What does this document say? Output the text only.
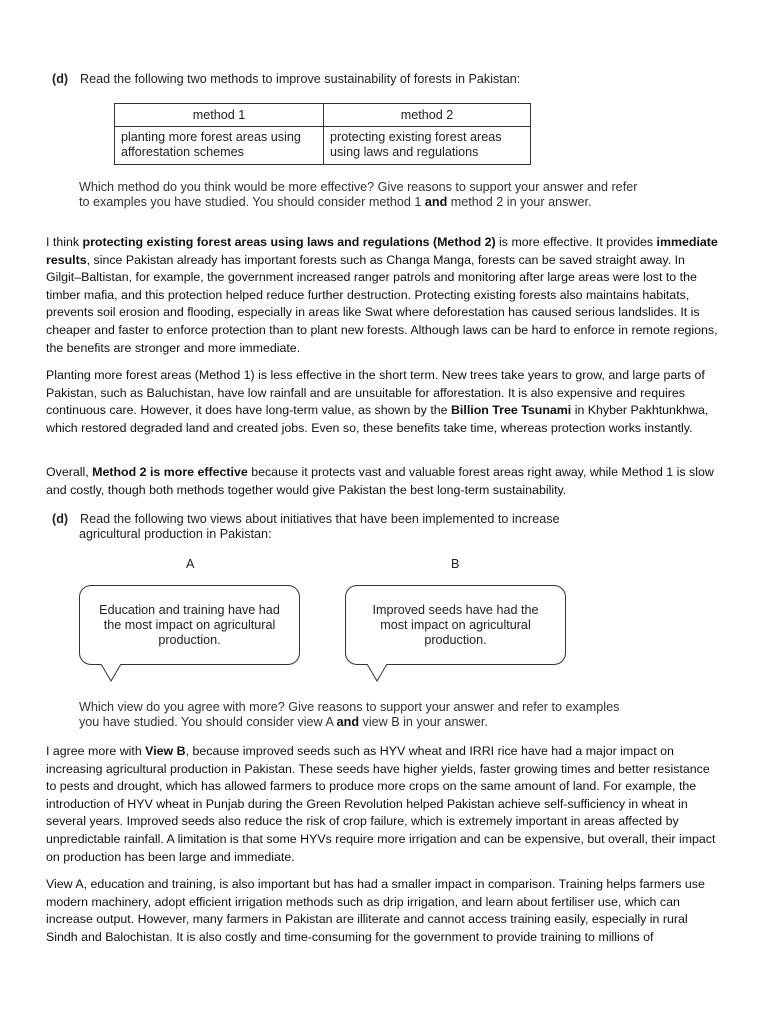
(d) Read the following two methods to improve sustainability of forests in Pakistan:
method 1	method 2
planting more forest areas using afforestation schemes	protecting existing forest areas using laws and regulations
Which method do you think would be more effective? Give reasons to support your answer and refer to examples you have studied. You should consider method 1 and method 2 in your answer.

I think protecting existing forest areas using laws and regulations (Method 2) is more effective. It provides immediate results, since Pakistan already has important forests such as Changa Manga, forests can be saved straight away. In Gilgit–Baltistan, for example, the government increased ranger patrols and monitoring after large areas were lost to the timber mafia, and this protection helped reduce further destruction. Protecting existing forests also maintains habitats, prevents soil erosion and flooding, especially in areas like Swat where deforestation has caused serious landslides. It is cheaper and faster to enforce protection than to plant new forests. Although laws can be hard to enforce in remote regions, the benefits are stronger and more immediate.

Planting more forest areas (Method 1) is less effective in the short term. New trees take years to grow, and large parts of Pakistan, such as Baluchistan, have low rainfall and are unsuitable for afforestation. It is also expensive and requires continuous care. However, it does have long-term value, as shown by the Billion Tree Tsunami in Khyber Pakhtunkhwa, which restored degraded land and created jobs. Even so, these benefits take time, whereas protection works instantly.

Overall, Method 2 is more effective because it protects vast and valuable forest areas right away, while Method 1 is slow and costly, though both methods together would give Pakistan the best long-term sustainability.

(d) Read the following two views about initiatives that have been implemented to increase
agricultural production in Pakistan:
A	B
Education and training have had the most impact on agricultural production.
Improved seeds have had the most impact on agricultural production.
Which view do you agree with more? Give reasons to support your answer and refer to examples you have studied. You should consider view A and view B in your answer.

I agree more with View B, because improved seeds such as HYV wheat and IRRI rice have had a major impact on increasing agricultural production in Pakistan. These seeds have higher yields, faster growing times and better resistance to pests and drought, which has allowed farmers to produce more crops on the same amount of land. For example, the introduction of HYV wheat in Punjab during the Green Revolution helped Pakistan achieve self-sufficiency in wheat in several years. Improved seeds also reduce the risk of crop failure, which is extremely important in areas affected by unpredictable rainfall. A limitation is that some HYVs require more irrigation and can be expensive, but overall, their impact on production has been large and immediate.

View A, education and training, is also important but has had a smaller impact in comparison. Training helps farmers use modern machinery, adopt efficient irrigation methods such as drip irrigation, and learn about fertiliser use, which can increase output. However, many farmers in Pakistan are illiterate and cannot access training easily, especially in rural Sindh and Balochistan. It is also costly and time-consuming for the government to provide training to millions of
